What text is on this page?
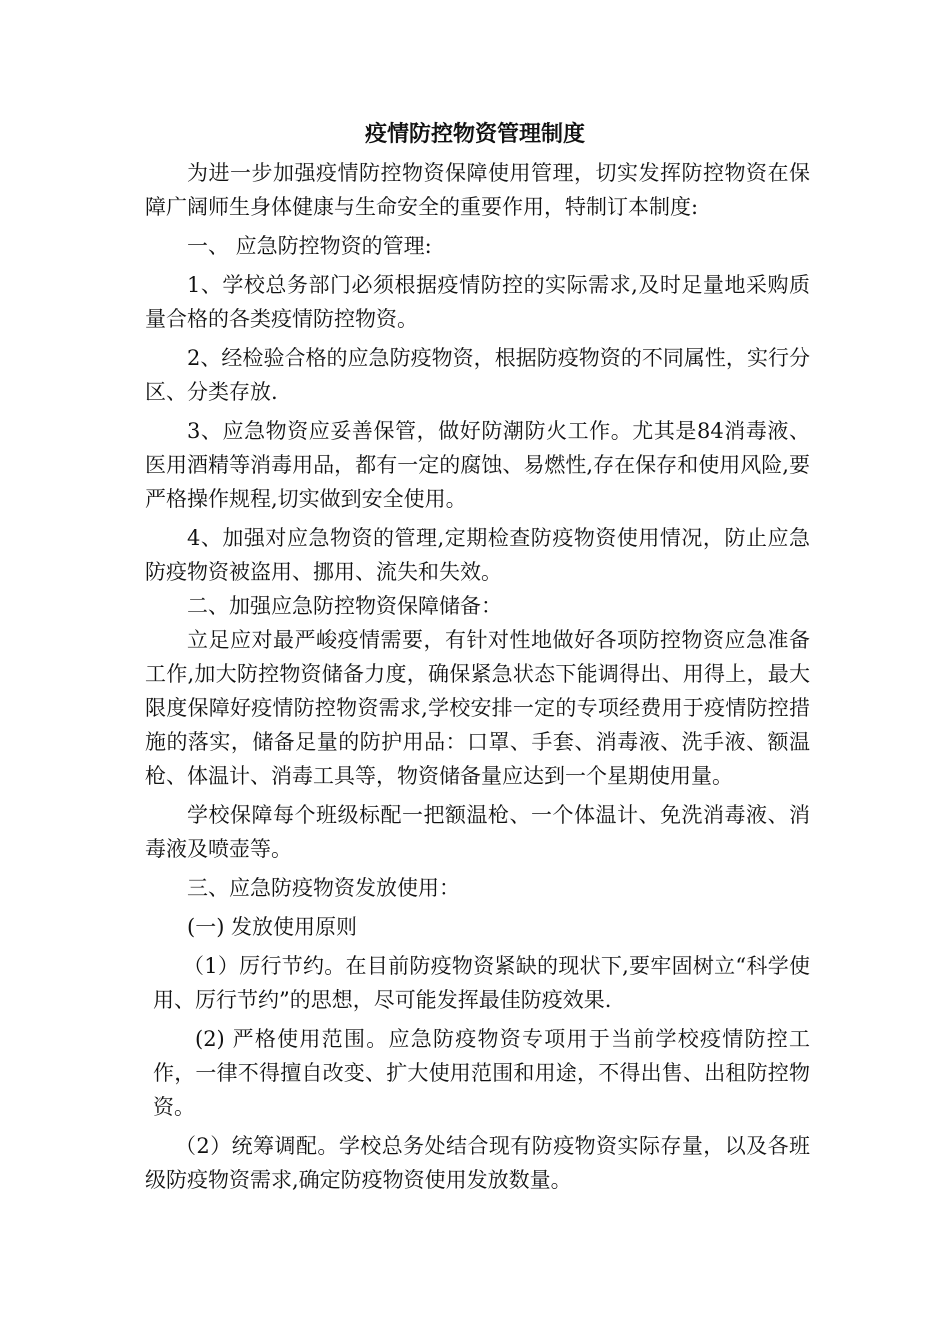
疫情防控物资管理制度

为进一步加强疫情防控物资保障使用管理，切实发挥防控物资在保障广阔师生身体健康与生命安全的重要作用，特制订本制度:

一、 应急防控物资的管理:

1、学校总务部门必须根据疫情防控的实际需求,及时足量地采购质量合格的各类疫情防控物资。

2、经检验合格的应急防疫物资，根据防疫物资的不同属性，实行分区、分类存放.

3、应急物资应妥善保管，做好防潮防火工作。尤其是84消毒液、医用酒精等消毒用品，都有一定的腐蚀、易燃性,存在保存和使用风险,要严格操作规程,切实做到安全使用。

4、加强对应急物资的管理,定期检查防疫物资使用情况，防止应急防疫物资被盗用、挪用、流失和失效。

二、加强应急防控物资保障储备：

立足应对最严峻疫情需要，有针对性地做好各项防控物资应急准备工作,加大防控物资储备力度，确保紧急状态下能调得出、用得上，最大限度保障好疫情防控物资需求,学校安排一定的专项经费用于疫情防控措施的落实，储备足量的防护用品：口罩、手套、消毒液、洗手液、额温枪、体温计、消毒工具等，物资储备量应达到一个星期使用量。

学校保障每个班级标配一把额温枪、一个体温计、免洗消毒液、消毒液及喷壶等。

三、应急防疫物资发放使用：

(一) 发放使用原则

（1）厉行节约。在目前防疫物资紧缺的现状下,要牢固树立“科学使用、厉行节约”的思想，尽可能发挥最佳防疫效果.

(2) 严格使用范围。应急防疫物资专项用于当前学校疫情防控工作，一律不得擅自改变、扩大使用范围和用途，不得出售、出租防控物资。

（2）统筹调配。学校总务处结合现有防疫物资实际存量，以及各班级防疫物资需求,确定防疫物资使用发放数量。
